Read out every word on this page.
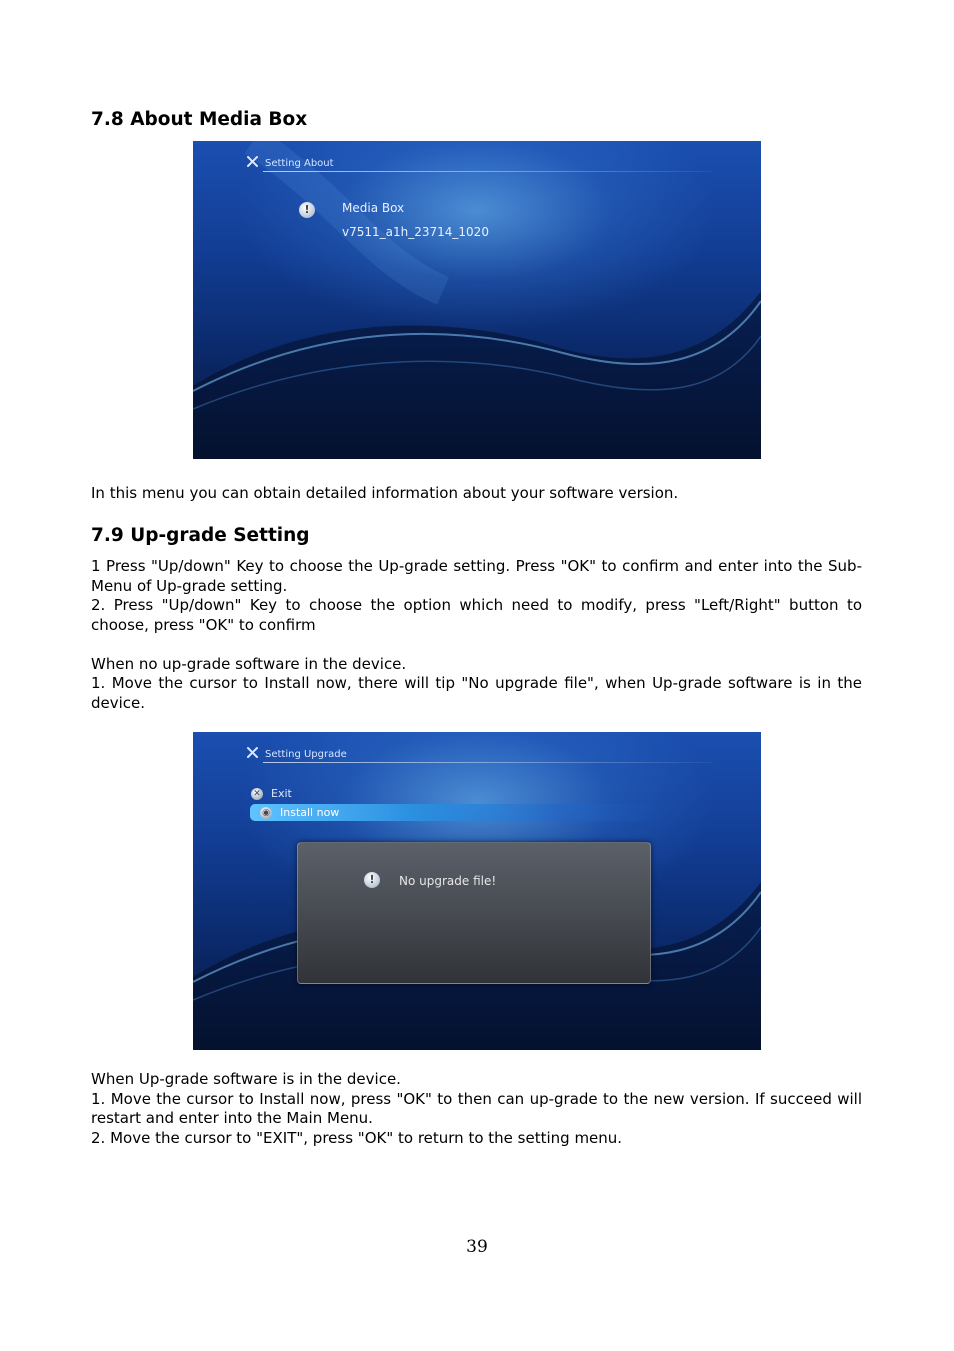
7.8 About Media Box
Setting About
!	Media Box
v7511_a1h_23714_1020

In this menu you can obtain detailed information about your software version.

7.9 Up-grade Setting

1 Press "Up/down" Key to choose the Up-grade setting. Press "OK" to confirm and enter into the Sub-Menu of Up-grade setting.

2. Press "Up/down" Key to choose the option which need to modify, press "Left/Right" button to choose, press "OK" to confirm

When no up-grade software in the device.

1. Move the cursor to Install now, there will tip "No upgrade file", when Up-grade software is in the device.

Setting Upgrade
✕ Exit
◉ Install now
!	No upgrade file!

When Up-grade software is in the device.

1. Move the cursor to Install now, press "OK" to then can up-grade to the new version. If succeed will restart and enter into the Main Menu.

2. Move the cursor to "EXIT", press "OK" to return to the setting menu.

39
